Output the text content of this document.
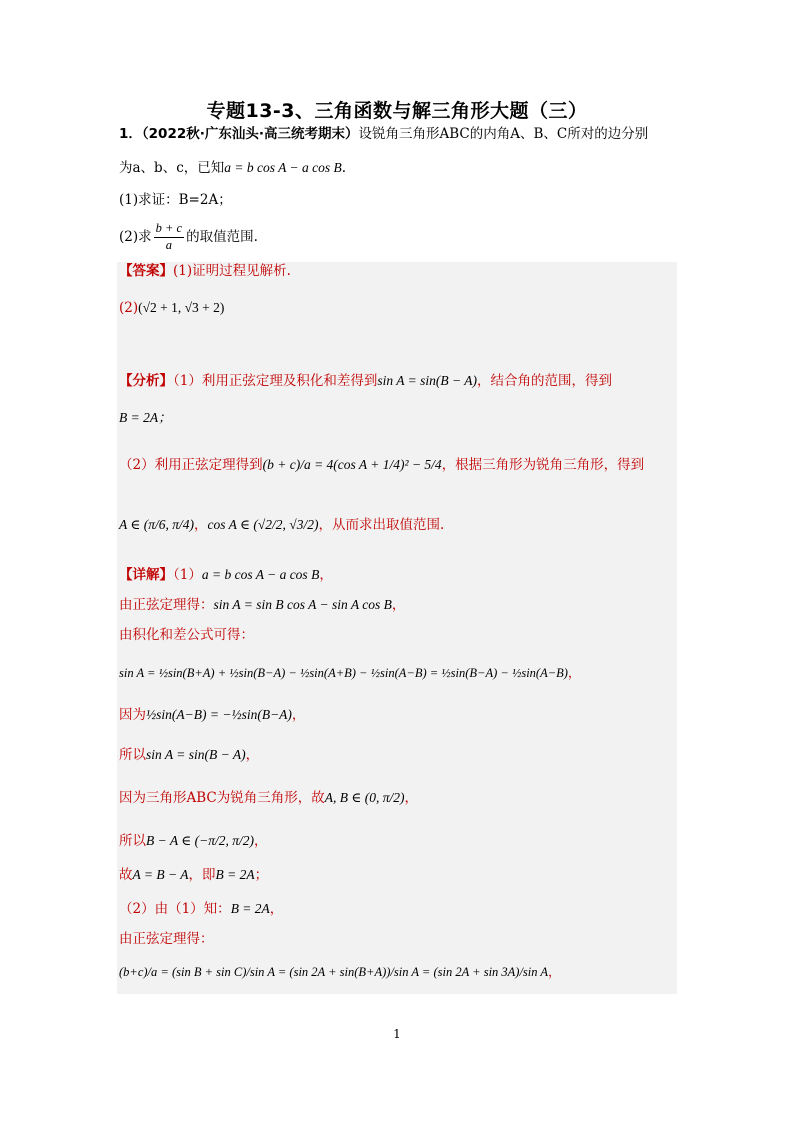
专题13-3、三角函数与解三角形大题（三）
1．（2022秋·广东汕头·高三统考期末）设锐角三角形ABC的内角A、B、C所对的边分别
为a、b、c，已知a = b cos A − a cos B.
(1)求证：B=2A；
(2)求 $\frac{b + c}{a}$ 的取值范围.
【答案】(1)证明过程见解析.
(2)(√2 + 1, √3 + 2)
【分析】（1）利用正弦定理及积化和差得到sin A = sin(B − A)，结合角的范围，得到
B = 2A；
（2）利用正弦定理得到(b + c)/a = 4(cos A + 1/4)² − 5/4，根据三角形为锐角三角形，得到
A ∈ (π/6, π/4)，cos A ∈ (√2/2, √3/2)，从而求出取值范围.
【详解】（1）a = b cos A − a cos B，
由正弦定理得：sin A = sin B cos A − sin A cos B，
由积化和差公式可得：
sin A = ½sin(B+A) + ½sin(B−A) − ½sin(A+B) − ½sin(A−B) = ½sin(B−A) − ½sin(A−B)，
因为½sin(A−B) = −½sin(B−A)，
所以sin A = sin(B − A)，
因为三角形ABC为锐角三角形，故A, B ∈ (0, π/2)，
所以B − A ∈ (−π/2, π/2)，
故A = B − A，即B = 2A；
（2）由（1）知：B = 2A，
由正弦定理得：
(b+c)/a = (sin B + sin C)/sin A = (sin 2A + sin(B+A))/sin A = (sin 2A + sin 3A)/sin A，
1
